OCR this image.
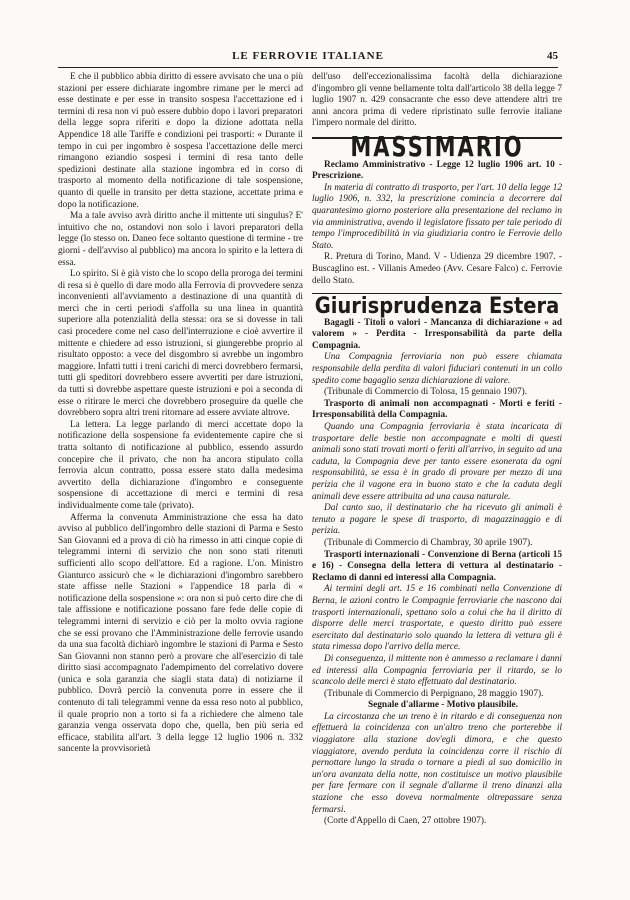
LE FERROVIE ITALIANE	45

E che il pubblico abbia diritto di essere avvisato che una o più stazioni per essere dichiarate ingombre rimane per le merci ad esse destinate e per esse in transito sospesa l'accettazione ed i termini di resa non vi può essere dubbio dopo i lavori preparatori della legge sopra riferiti e dopo la dizione adottata nella Appendice 18 alle Tariffe e condizioni pei trasporti: « Durante il tempo in cui per ingombro è sospesa l'accettazione delle merci rimangono eziandio sospesi i termini di resa tanto delle spedizioni destinate alla stazione ingombra ed in corso di trasporto al momento della notificazione di tale sospensione, quanto di quelle in transito per detta stazione, accettate prima e dopo la notificazione.

Ma a tale avviso avrà diritto anche il mittente uti singulus? E' intuitivo che no, ostandovi non solo i lavori preparatori della legge (lo stesso on. Daneo fece soltanto questione di termine - tre giorni - dell'avviso al pubblico) ma ancora lo spirito e la lettera di essa.

Lo spirito. Si è già visto che lo scopo della proroga dei termini di resa si è quello di dare modo alla Ferrovia di provvedere senza inconvenienti all'avviamento a destinazione di una quantità di merci che in certi periodi s'affolla su una linea in quantità superiore alla potenzialità della stessa: ora se si dovesse in tali casi procedere come nel caso dell'interruzione e cioè avvertire il mittente e chiedere ad esso istruzioni, si giungerebbe proprio al risultato opposto: a vece del disgombro si avrebbe un ingombro maggiore. Infatti tutti i treni carichi di merci dovrebbero fermarsi, tutti gli speditori dovrebbero essere avvertiti per dare istruzioni, da tutti si dovrebbe aspettare queste istruzioni e poi a seconda di esse o ritirare le merci che dovrebbero proseguire da quelle che dovrebbero sopra altri treni ritornare ad essere avviate altrove.

La lettera. La legge parlando di merci accettate dopo la notificazione della sospensione fa evidentemente capire che si tratta soltanto di notificazione al pubblico, essendo assurdo concepire che il privato, che non ha ancora stipulato colla ferrovia alcun contratto, possa essere stato dalla medesima avvertito della dichiarazione d'ingombro e conseguente sospensione di accettazione di merci e termini di resa individualmente come tale (privato).

Afferma la convenuta Amministrazione che essa ha dato avviso al pubblico dell'ingombro delle stazioni di Parma e Sesto San Giovanni ed a prova di ciò ha rimesso in atti cinque copie di telegrammi interni di servizio che non sono stati ritenuti sufficienti allo scopo dell'attore. Ed a ragione. L'on. Ministro Gianturco assicurò che « le dichiarazioni d'ingombro sarebbero state affisse nelle Stazioni » l'appendice 18 parla di « notificazione della sospensione »: ora non si può certo dire che di tale affissione e notificazione possano fare fede delle copie di telegrammi interni di servizio e ciò per la molto ovvia ragione che se essi provano che l'Amministrazione delle ferrovie usando da una sua facoltà dichiarò ingombre le stazioni di Parma e Sesto San Giovanni non stanno però a provare che all'esercizio di tale diritto siasi accompagnato l'adempimento del correlativo dovere (unica e sola garanzia che siagli stata data) di notiziarne il pubblico. Dovrà perciò la convenuta porre in essere che il contenuto di tali telegrammi venne da essa reso noto al pubblico, il quale proprio non a torto si fa a richiedere che almeno tale garanzia venga osservata dopo che, quella, ben più seria ed efficace, stabilita all'art. 3 della legge 12 luglio 1906 n. 332 sancente la provvisorietà

dell'uso dell'eccezionalissima facoltà della dichiarazione d'ingombro gli venne bellamente tolta dall'articolo 38 della legge 7 luglio 1907 n. 429 consacrante che esso deve attendere altri tre anni ancora prima di vedere ripristinato sulle ferrovie italiane l'impero normale del diritto.

MASSIMARIO

Reclamo Amministrativo - Legge 12 luglio 1906 art. 10 - Prescrizione.

In materia di contratto di trasporto, per l'art. 10 della legge 12 luglio 1906, n. 332, la prescrizione comincia a decorrere dal quarantesimo giorno posteriore alla presentazione del reclamo in via amministrativa, avendo il legislatore fissato per tale periodo di tempo l'improcedibilità in via giudiziaria contro le Ferrovie dello Stato.

R. Pretura di Torino, Mand. V - Udienza 29 dicembre 1907. - Buscaglino est. - Villanis Amedeo (Avv. Cesare Falco) c. Ferrovie dello Stato.

Giurisprudenza Estera

Bagagli - Titoli o valori - Mancanza di dichiarazione « ad valorem » - Perdita - Irresponsabilità da parte della Compagnia.

Una Compagnia ferroviaria non può essere chiamata responsabile della perdita di valori fiduciari contenuti in un collo spedito come bagaglio senza dichiarazione di valore.

(Tribunale di Commercio di Tolosa, 15 gennaio 1907).

Trasporto di animali non accompagnati - Morti e feriti - Irresponsabilità della Compagnia.

Quando una Compagnia ferroviaria è stata incaricata di trasportare delle bestie non accompagnate e molti di questi animali sono stati trovati morti o feriti all'arrivo, in seguito ad una caduta, la Compagnia deve per tanto essere esonerata da ogni responsabilità, se essa è in grado di provare per mezzo di una perizia che il vagone era in buono stato e che la caduta degli animali deve essere attribuita ad una causa naturale.

Dal canto suo, il destinatario che ha ricevuto gli animali è tenuto a pagare le spese di trasporto, di magazzinaggio e di perizia.

(Tribunale di Commercio di Chambray, 30 aprile 1907).

Trasporti internazionali - Convenzione di Berna (articoli 15 e 16) - Consegna della lettera di vettura al destinatario - Reclamo di danni ed interessi alla Compagnia.

Ai termini degli art. 15 e 16 combinati nella Convenzione di Berna, le azioni contro le Compagnie ferroviarie che nascono dai trasporti internazionali, spettano solo a colui che ha il diritto di disporre delle merci trasportate, e questo diritto può essere esercitato dal destinatario solo quando la lettera di vettura gli è stata rimessa dopo l'arrivo della merce.

Di conseguenza, il mittente non è ammesso a reclamare i danni ed interessi alla Compagnia ferroviaria per il ritardo, se lo scancolo delle merci è stato effettuato dal destinatario.

(Tribunale di Commercio di Perpignano, 28 maggio 1907).

Segnale d'allarme - Motivo plausibile.

La circostanza che un treno è in ritardo e di conseguenza non effettuerà la coincidenza con un'altro treno che porterebbe il viaggiatore alla stazione dov'egli dimora, e che questo viaggiatore, avendo perduta la coincidenza corre il rischio di pernottare lungo la strada o tornare a piedi al suo domicilio in un'ora avanzata della notte, non costituisce un motivo plausibile per fare fermare con il segnale d'allarme il treno dinanzi alla stazione che esso doveva normalmente oltrepassare senza fermarsi.

(Corte d'Appello di Caen, 27 ottobre 1907).
